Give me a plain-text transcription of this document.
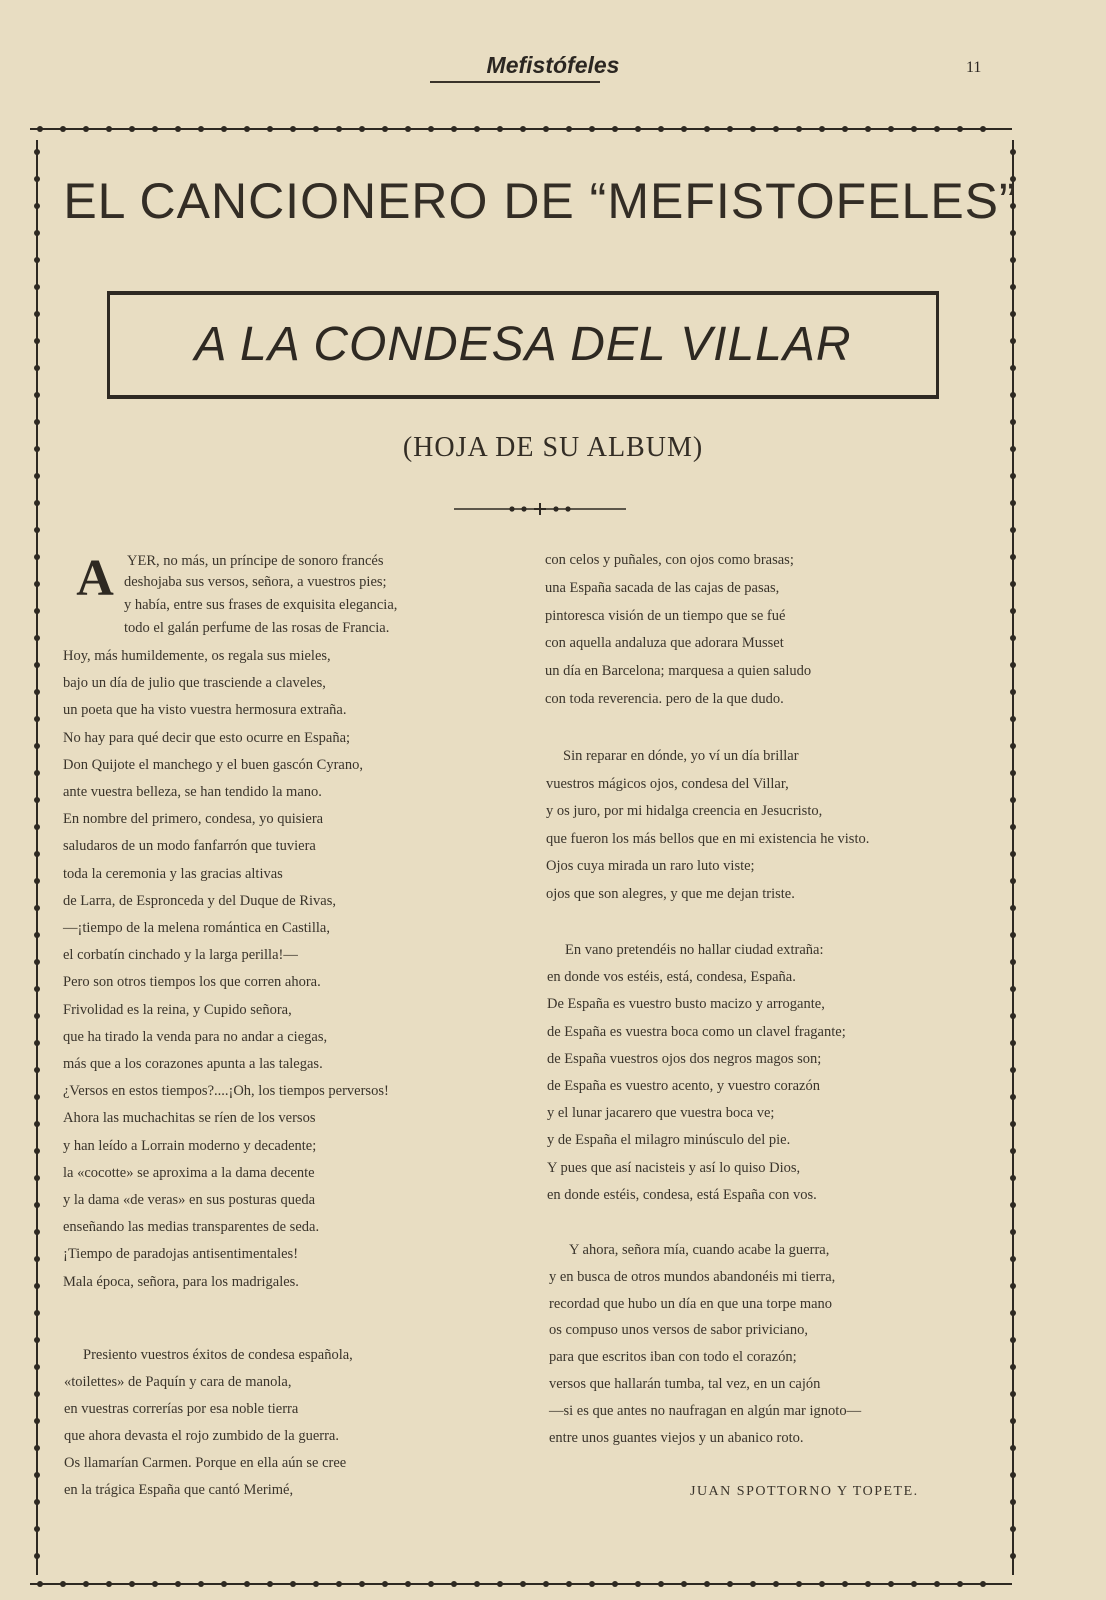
Mefistófeles	11
EL CANCIONERO DE “MEFISTOFELES”
A LA CONDESA DEL VILLAR
(HOJA DE SU ALBUM)
A YER, no más, un príncipe de sonoro francés
deshojaba sus versos, señora, a vuestros pies;
y había, entre sus frases de exquisita elegancia,
todo el galán perfume de las rosas de Francia.
Hoy, más humildemente, os regala sus mieles,
bajo un día de julio que trasciende a claveles,
un poeta que ha visto vuestra hermosura extraña.
No hay para qué decir que esto ocurre en España;
Don Quijote el manchego y el buen gascón Cyrano,
ante vuestra belleza, se han tendido la mano.
En nombre del primero, condesa, yo quisiera
saludaros de un modo fanfarrón que tuviera
toda la ceremonia y las gracias altivas
de Larra, de Espronceda y del Duque de Rivas,
—¡tiempo de la melena romántica en Castilla,
el corbatín cinchado y la larga perilla!—
Pero son otros tiempos los que corren ahora.
Frivolidad es la reina, y Cupido señora,
que ha tirado la venda para no andar a ciegas,
más que a los corazones apunta a las talegas.
¿Versos en estos tiempos?....¡Oh, los tiempos perversos!
Ahora las muchachitas se ríen de los versos
y han leído a Lorrain moderno y decadente;
la «cocotte» se aproxima a la dama decente
y la dama «de veras» en sus posturas queda
enseñando las medias transparentes de seda.
¡Tiempo de paradojas antisentimentales!
Mala época, señora, para los madrigales.
Presiento vuestros éxitos de condesa española,
«toilettes» de Paquín y cara de manola,
en vuestras correrías por esa noble tierra
que ahora devasta el rojo zumbido de la guerra.
Os llamarían Carmen. Porque en ella aún se cree
en la trágica España que cantó Merimé,
con celos y puñales, con ojos como brasas;
una España sacada de las cajas de pasas,
pintoresca visión de un tiempo que se fué
con aquella andaluza que adorara Musset
un día en Barcelona; marquesa a quien saludo
con toda reverencia. pero de la que dudo.
Sin reparar en dónde, yo ví un día brillar
vuestros mágicos ojos, condesa del Villar,
y os juro, por mi hidalga creencia en Jesucristo,
que fueron los más bellos que en mi existencia he visto.
Ojos cuya mirada un raro luto viste;
ojos que son alegres, y que me dejan triste.
En vano pretendéis no hallar ciudad extraña:
en donde vos estéis, está, condesa, España.
De España es vuestro busto macizo y arrogante,
de España es vuestra boca como un clavel fragante;
de España vuestros ojos dos negros magos son;
de España es vuestro acento, y vuestro corazón
y el lunar jacarero que vuestra boca ve;
y de España el milagro minúsculo del pie.
Y pues que así nacisteis y así lo quiso Dios,
en donde estéis, condesa, está España con vos.
Y ahora, señora mía, cuando acabe la guerra,
y en busca de otros mundos abandonéis mi tierra,
recordad que hubo un día en que una torpe mano
os compuso unos versos de sabor priviciano,
para que escritos iban con todo el corazón;
versos que hallarán tumba, tal vez, en un cajón
—si es que antes no naufragan en algún mar ignoto—
entre unos guantes viejos y un abanico roto.
JUAN SPOTTORNO Y TOPETE.
